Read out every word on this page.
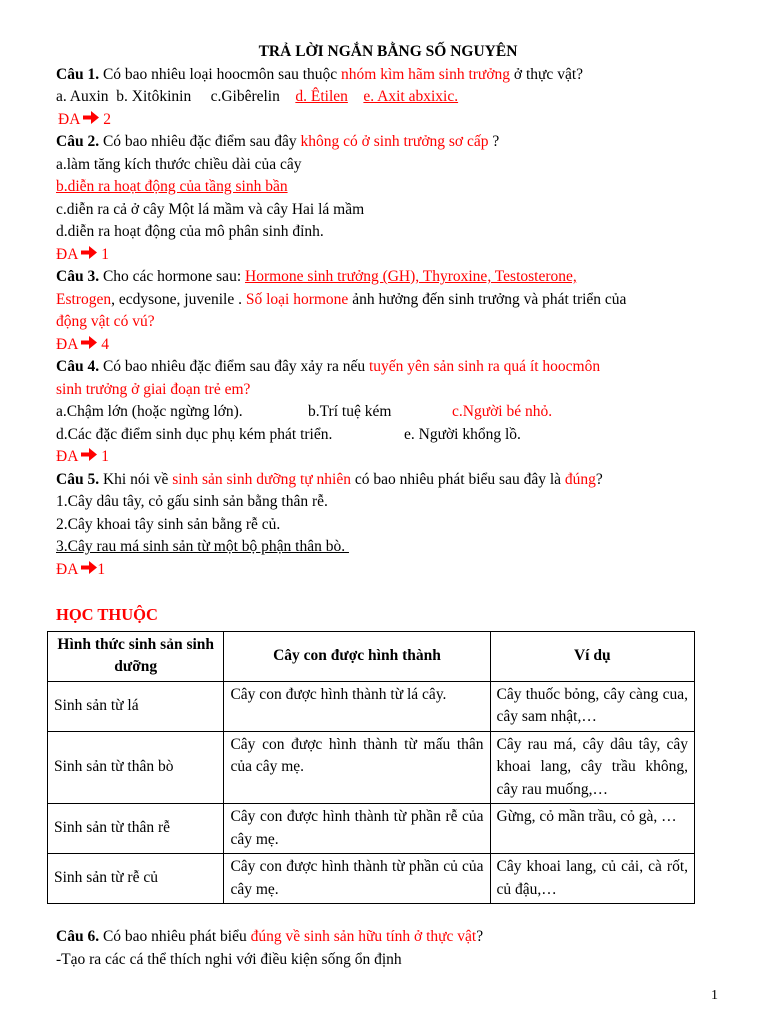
TRẢ LỜI NGẮN BẰNG SỐ NGUYÊN
Câu 1. Có bao nhiêu loại hoocmôn sau thuộc nhóm kìm hãm sinh trưởng ở thực vật?
a. Auxin  b. Xitôkinin     c.Gibêrelin    d. Êtilen e. Axit abxixic.
ĐA  2
Câu 2. Có bao nhiêu đặc điểm sau đây không có ở sinh trưởng sơ cấp ?
a.làm tăng kích thước chiều dài của cây
b.diễn ra hoạt động của tầng sinh bần
c.diễn ra cả ở cây Một lá mầm và cây Hai lá mầm
d.diễn ra hoạt động của mô phân sinh đỉnh.
ĐA  1
Câu 3. Cho các hormone sau: Hormone sinh trưởng (GH), Thyroxine, Testosterone,
Estrogen, ecdysone, juvenile . Số loại hormone ảnh hưởng đến sinh trưởng và phát triển của
động vật có vú?
ĐA  4
Câu 4. Có bao nhiêu đặc điểm sau đây xảy ra nếu tuyến yên sản sinh ra quá ít hoocmôn
sinh trưởng ở giai đoạn trẻ em?
a.Chậm lớn (hoặc ngừng lớn).	b.Trí tuệ kém	c.Người bé nhỏ.
d.Các đặc điểm sinh dục phụ kém phát triển.	e. Người khổng lồ.
ĐA  1
Câu 5. Khi nói về sinh sản sinh dưỡng tự nhiên có bao nhiêu phát biểu sau đây là đúng?
1.Cây dâu tây, cỏ gấu sinh sản bằng thân rễ.
2.Cây khoai tây sinh sản bằng rễ củ.
3.Cây rau má sinh sản từ một bộ phận thân bò.
ĐA 1
HỌC THUỘC
Hình thức sinh sản sinh dưỡng	Cây con được hình thành	Ví dụ
Sinh sản từ lá	Cây con được hình thành từ lá cây.	Cây thuốc bỏng, cây càng cua, cây sam nhật,…
Sinh sản từ thân bò	Cây con được hình thành từ mấu thân của cây mẹ.	Cây rau má, cây dâu tây, cây khoai lang, cây trầu không, cây rau muống,…
Sinh sản từ thân rễ	Cây con được hình thành từ phần rễ của cây mẹ.	Gừng, cỏ mần trầu, cỏ gà, …
Sinh sản từ rễ củ	Cây con được hình thành từ phần củ của cây mẹ.	Cây khoai lang, củ cải, cà rốt, củ đậu,…
Câu 6. Có bao nhiêu phát biểu đúng về sinh sản hữu tính ở thực vật?
-Tạo ra các cá thể thích nghi với điều kiện sống ổn định
1
